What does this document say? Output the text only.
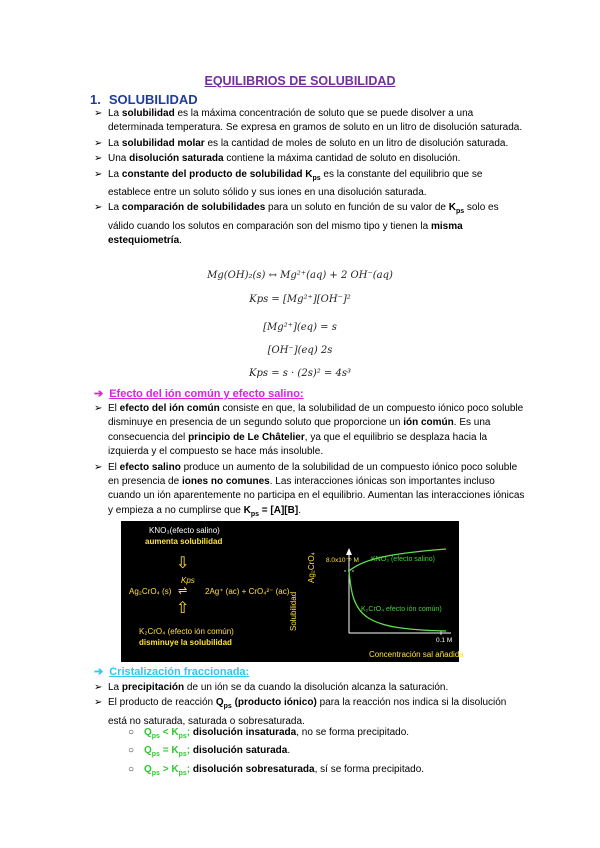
EQUILIBRIOS DE SOLUBILIDAD
1. SOLUBILIDAD
➢ La solubilidad es la máxima concentración de soluto que se puede disolver a una determinada temperatura. Se expresa en gramos de soluto en un litro de disolución saturada.
➢ La solubilidad molar es la cantidad de moles de soluto en un litro de disolución saturada.
➢ Una disolución saturada contiene la máxima cantidad de soluto en disolución.
➢ La constante del producto de solubilidad $K_{ps}$ es la constante del equilibrio que se establece entre un soluto sólido y sus iones en una disolución saturada.
➢ La comparación de solubilidades para un soluto en función de su valor de $K_{ps}$ solo es válido cuando los solutos en comparación son del mismo tipo y tienen la misma estequiometría.
Mg(OH)₂(s) ↔ Mg²⁺(aq) + 2 OH⁻(aq)
Kps = [Mg²⁺][OH⁻]²
[Mg²⁺](eq) = s
[OH⁻](eq) 2s
Kps = s · (2s)² = 4s³
➔ Efecto del ión común y efecto salino:
➢ El efecto del ión común consiste en que, la solubilidad de un compuesto iónico poco soluble disminuye en presencia de un segundo soluto que proporcione un ión común. Es una consecuencia del principio de Le Châtelier, ya que el equilibrio se desplaza hacia la izquierda y el compuesto se hace más insoluble.
➢ El efecto salino produce un aumento de la solubilidad de un compuesto iónico poco soluble en presencia de iones no comunes. Las interacciones iónicas son importantes incluso cuando un ión aparentemente no participa en el equilibrio. Aumentan las interacciones iónicas y empieza a no cumplirse que $K_{ps} = [A][B]$.
KNO₃(efecto salino)
aumenta solubilidad
⇩
Ag₂CrO₄ (s)
Kps
⇌ 2Ag⁺ (ac) + CrO₄²⁻ (ac)
⇧
K₂CrO₄ (efecto ión común)
disminuye la solubilidad
Solubilidad
Ag₂CrO₄ 8.0x10⁻⁵ M KNO₃ (efecto salino)
K₂CrO₄ efecto ión común)
0.1 M
Concentración sal añadida
➔ Cristalización fraccionada:
➢ La precipitación de un ión se da cuando la disolución alcanza la saturación.
➢ El producto de reacción $Q_{ps}$ (producto iónico) para la reacción nos indica si la disolución está no saturada, saturada o sobresaturada.
○ $Q_{ps} < K_{ps}$; disolución insaturada, no se forma precipitado.
○ $Q_{ps} = K_{ps}$; disolución saturada.
○ $Q_{ps} > K_{ps}$; disolución sobresaturada, sí se forma precipitado.
